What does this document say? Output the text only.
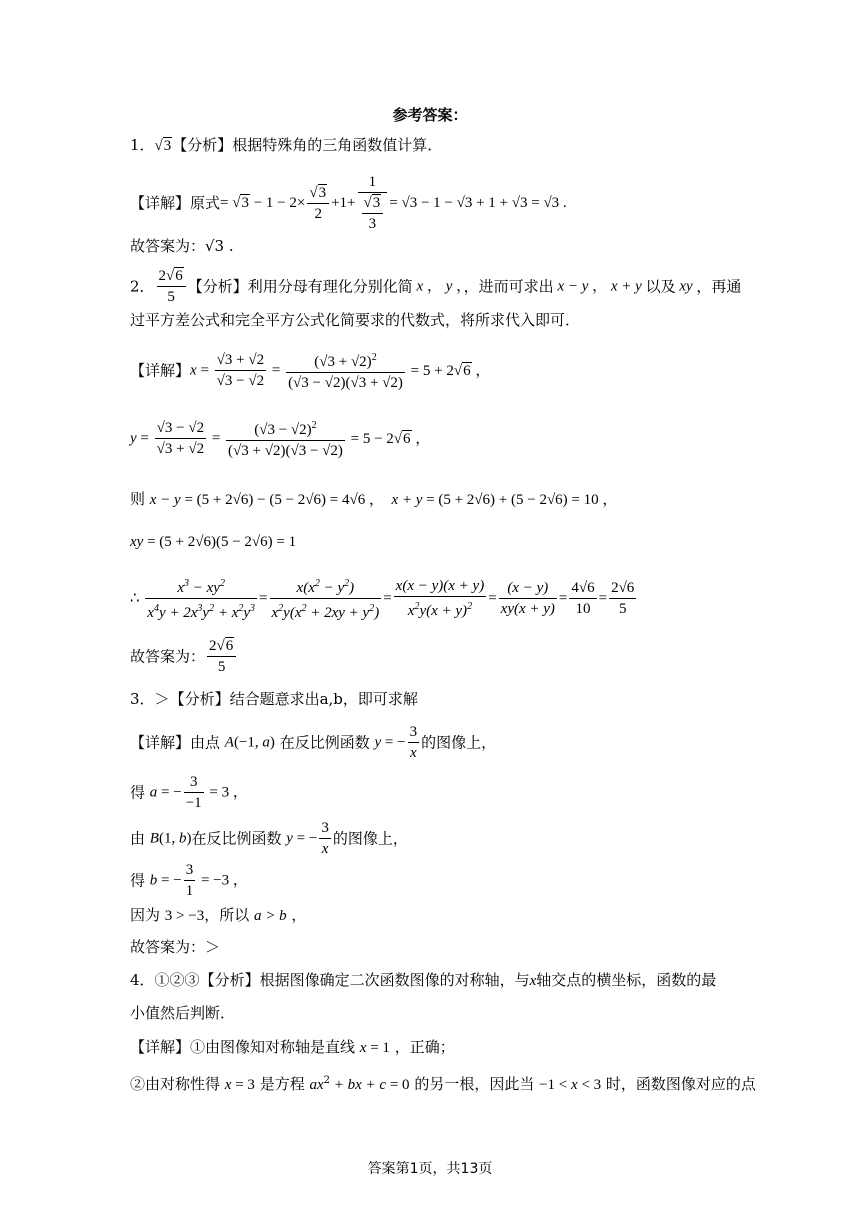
参考答案：
1．√3【分析】根据特殊角的三角函数值计算．
【详解】原式= $√3 - 1 - 2\times \frac{√3}{2} +1+ \frac{1}{\frac{√3}{3}} = √3 - 1 - √3 + 1 + √3 = √3$ .
故答案为：√3 .
2． $\frac{2√6}{5}$ 【分析】利用分母有理化分别化简 x ， y ，，进而可求出 x − y ， x + y 以及 xy ，再通
过平方差公式和完全平方公式化简要求的代数式，将所求代入即可．
【详解】$x = \frac{√3 + √2}{√3 - √2} = \frac{(√3 + √2)^2}{(√3 - √2)(√3 + √2)} = 5 + 2√6$ ，
$y = \frac{√3 - √2}{√3 + √2} = \frac{(√3 - √2)^2}{(√3 + √2)(√3 - √2)} = 5 - 2√6$ ，
则 x − y = (5 + 2√6) − (5 − 2√6) = 4√6 ，  x + y = (5 + 2√6) + (5 − 2√6) = 10 ，
xy = (5 + 2√6)(5 − 2√6) = 1
∴ $\frac{x^3 - xy^2}{x^4y + 2x^3y^2 + x^2y^3} = \frac{x(x^2 - y^2)}{x^2y(x^2 + 2xy + y^2)} = \frac{x(x - y)(x + y)}{x^2y(x + y)^2} = \frac{(x - y)}{xy(x + y)} = \frac{4√6}{10} = \frac{2√6}{5}$
故答案为： $\frac{2√6}{5}$
3．＞【分析】结合题意求出a,b，即可求解
【详解】由点 A(−1, a) 在反比例函数 y = − $\frac{3}{x}$ 的图像上，
得 a = − $\frac{3}{-1} = 3$ ，
由 B(1, b)在反比例函数 y = − $\frac{3}{x}$ 的图像上，
得 b = − $\frac{3}{1} = -3$ ，
因为 3 > −3，所以 a > b ，
故答案为：＞
4．①②③【分析】根据图像确定二次函数图像的对称轴，与x轴交点的横坐标，函数的最
小值然后判断．
【详解】①由图像知对称轴是直线 x = 1 ，正确；
②由对称性得 x = 3 是方程 $ax^2$ + bx + c = 0 的另一根，因此当 −1 < x < 3 时，函数图像对应的点
答案第1页，共13页
